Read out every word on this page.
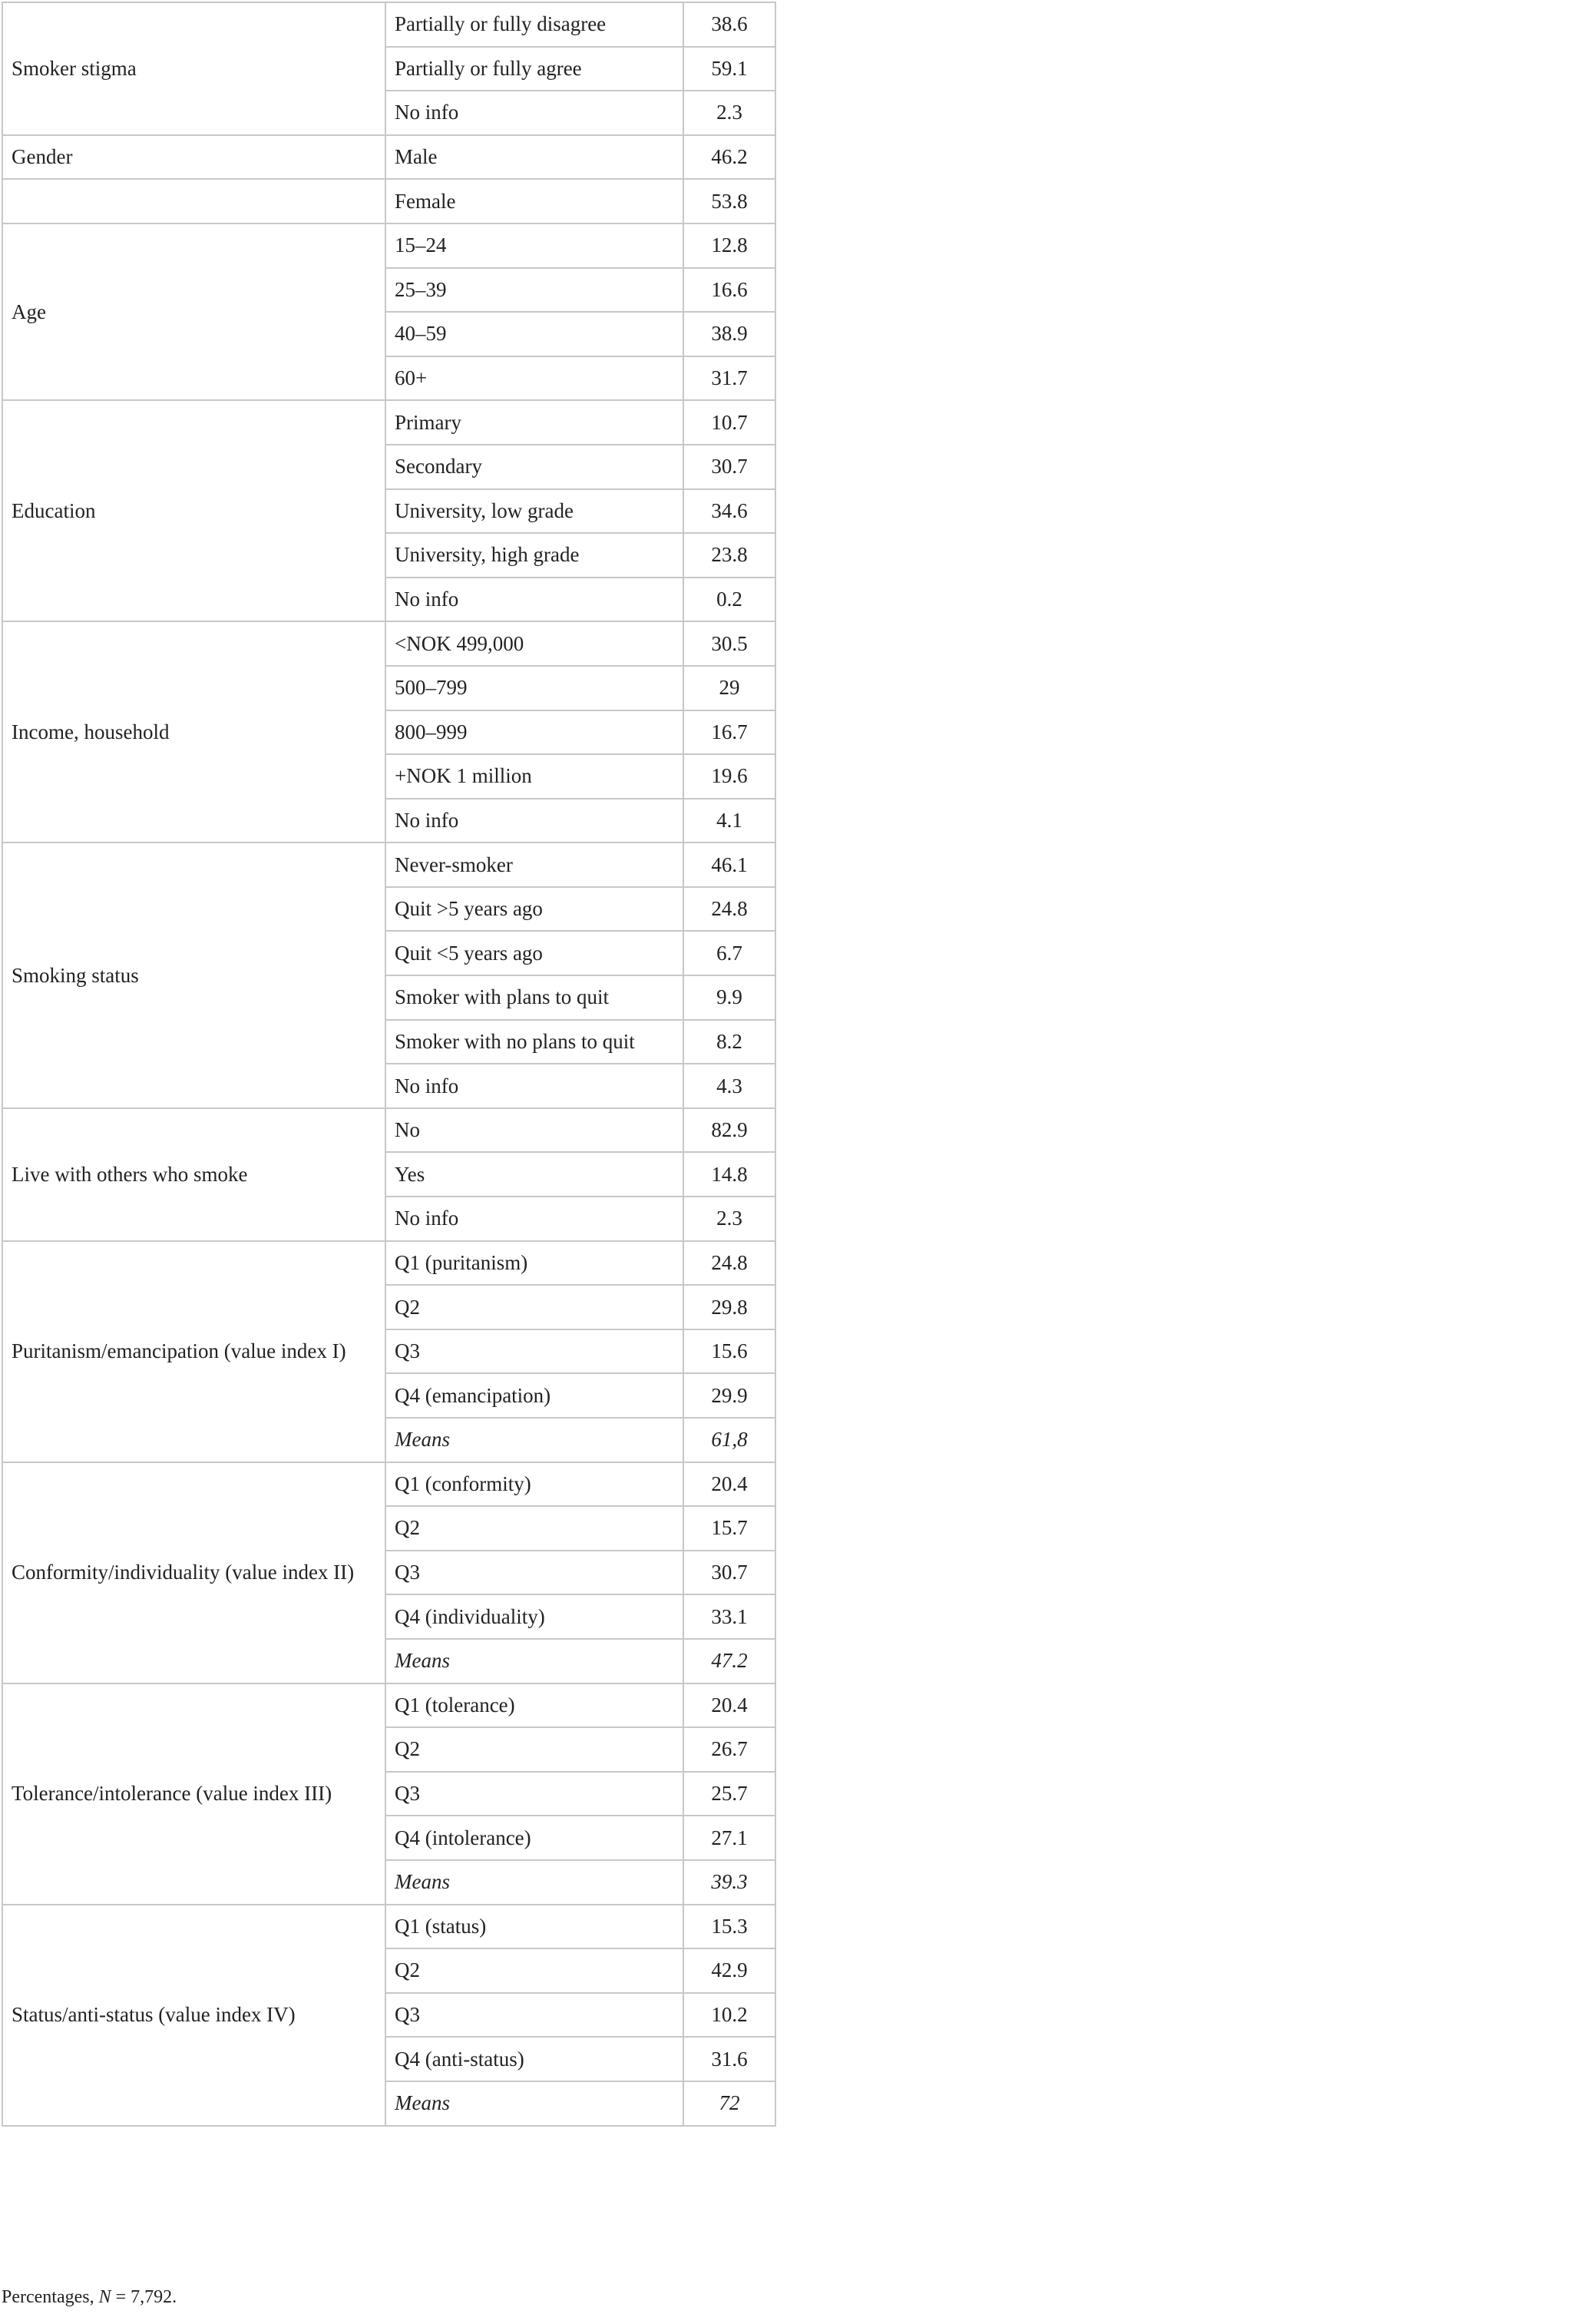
Smoker stigma	Partially or fully disagree	38.6
	Partially or fully agree	59.1
	No info	2.3
Gender	Male	46.2
	Female	53.8
Age	15–24	12.8
	25–39	16.6
	40–59	38.9
	60+	31.7
Education	Primary	10.7
	Secondary	30.7
	University, low grade	34.6
	University, high grade	23.8
	No info	0.2
Income, household	<NOK 499,000	30.5
	500–799	29
	800–999	16.7
	+NOK 1 million	19.6
	No info	4.1
Smoking status	Never-smoker	46.1
	Quit >5 years ago	24.8
	Quit <5 years ago	6.7
	Smoker with plans to quit	9.9
	Smoker with no plans to quit	8.2
	No info	4.3
Live with others who smoke	No	82.9
	Yes	14.8
	No info	2.3
Puritanism/emancipation (value index I)	Q1 (puritanism)	24.8
	Q2	29.8
	Q3	15.6
	Q4 (emancipation)	29.9
	Means	61,8
Conformity/individuality (value index II)	Q1 (conformity)	20.4
	Q2	15.7
	Q3	30.7
	Q4 (individuality)	33.1
	Means	47.2
Tolerance/intolerance (value index III)	Q1 (tolerance)	20.4
	Q2	26.7
	Q3	25.7
	Q4 (intolerance)	27.1
	Means	39.3
Status/anti-status (value index IV)	Q1 (status)	15.3
	Q2	42.9
	Q3	10.2
	Q4 (anti-status)	31.6
	Means	72
Percentages, N = 7,792.
